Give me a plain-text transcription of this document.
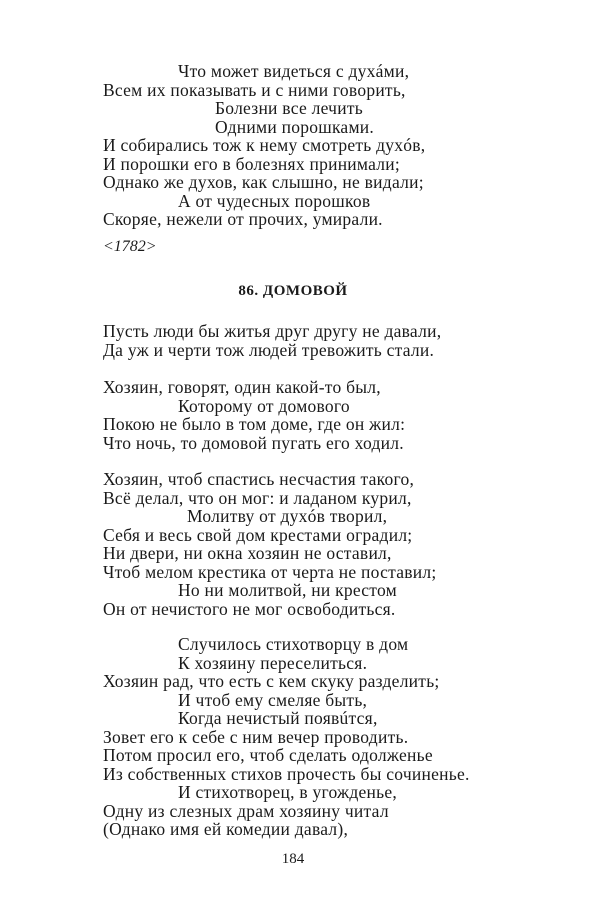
Что может видеться с духáми,
Всем их показывать и с ними говорить,
Болезни все лечить
Одними порошками.
И собирались тож к нему смотреть духóв,
И порошки его в болезнях принимали;
Однако же духов, как слышно, не видали;
А от чудесных порошков
Скоряе, нежели от прочих, умирали.
<1782>
86. ДОМОВОЙ
Пусть люди бы житья друг другу не давали,
Да уж и черти тож людей тревожить стали.
Хозяин, говорят, один какой-то был,
Которому от домового
Покою не было в том доме, где он жил:
Что ночь, то домовой пугать его ходил.
Хозяин, чтоб спастись несчастия такого,
Всё делал, что он мог: и ладаном курил,
Молитву от духóв творил,
Себя и весь свой дом крестами оградил;
Ни двери, ни окна хозяин не оставил,
Чтоб мелом крестика от черта не поставил;
Но ни молитвой, ни крестом
Он от нечистого не мог освободиться.
Случилось стихотворцу в дом
К хозяину переселиться.
Хозяин рад, что есть с кем скуку разделить;
И чтоб ему смеляе быть,
Когда нечистый появúтся,
Зовет его к себе с ним вечер проводить.
Потом просил его, чтоб сделать одолженье
Из собственных стихов прочесть бы сочиненье.
И стихотворец, в угожденье,
Одну из слезных драм хозяину читал
(Однако имя ей комедии давал),
184
